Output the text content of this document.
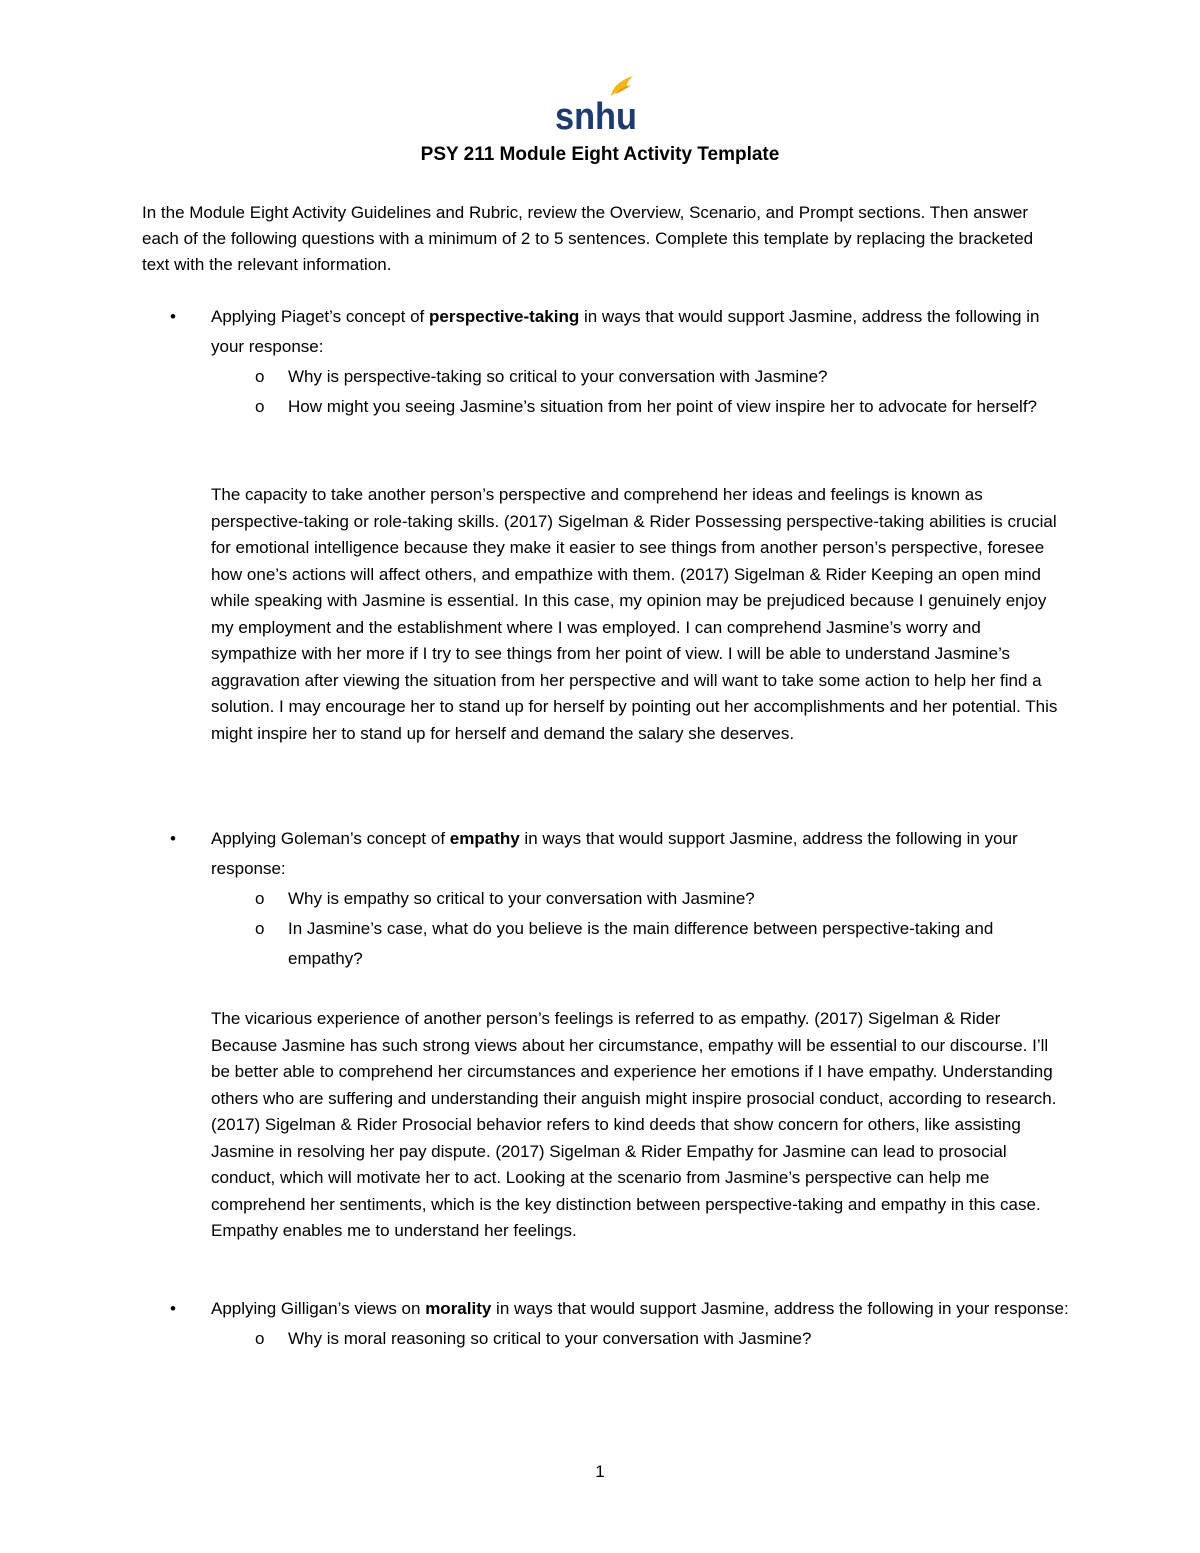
snhu
PSY 211 Module Eight Activity Template
In the Module Eight Activity Guidelines and Rubric, review the Overview, Scenario, and Prompt sections. Then answer each of the following questions with a minimum of 2 to 5 sentences. Complete this template by replacing the bracketed text with the relevant information.
• Applying Piaget’s concept of perspective-taking in ways that would support Jasmine, address the following in your response:
o Why is perspective-taking so critical to your conversation with Jasmine?
o How might you seeing Jasmine’s situation from her point of view inspire her to advocate for herself?
The capacity to take another person’s perspective and comprehend her ideas and feelings is known as perspective-taking or role-taking skills. (2017) Sigelman & Rider Possessing perspective-taking abilities is crucial for emotional intelligence because they make it easier to see things from another person’s perspective, foresee how one’s actions will affect others, and empathize with them. (2017) Sigelman & Rider Keeping an open mind while speaking with Jasmine is essential. In this case, my opinion may be prejudiced because I genuinely enjoy my employment and the establishment where I was employed. I can comprehend Jasmine’s worry and sympathize with her more if I try to see things from her point of view. I will be able to understand Jasmine’s aggravation after viewing the situation from her perspective and will want to take some action to help her find a solution. I may encourage her to stand up for herself by pointing out her accomplishments and her potential. This might inspire her to stand up for herself and demand the salary she deserves.
• Applying Goleman’s concept of empathy in ways that would support Jasmine, address the following in your response:
o Why is empathy so critical to your conversation with Jasmine?
o In Jasmine’s case, what do you believe is the main difference between perspective-taking and empathy?
The vicarious experience of another person’s feelings is referred to as empathy. (2017) Sigelman & Rider Because Jasmine has such strong views about her circumstance, empathy will be essential to our discourse. I’ll be better able to comprehend her circumstances and experience her emotions if I have empathy. Understanding others who are suffering and understanding their anguish might inspire prosocial conduct, according to research. (2017) Sigelman & Rider Prosocial behavior refers to kind deeds that show concern for others, like assisting Jasmine in resolving her pay dispute. (2017) Sigelman & Rider Empathy for Jasmine can lead to prosocial conduct, which will motivate her to act. Looking at the scenario from Jasmine’s perspective can help me comprehend her sentiments, which is the key distinction between perspective-taking and empathy in this case. Empathy enables me to understand her feelings.
• Applying Gilligan’s views on morality in ways that would support Jasmine, address the following in your response:
o Why is moral reasoning so critical to your conversation with Jasmine?
1
